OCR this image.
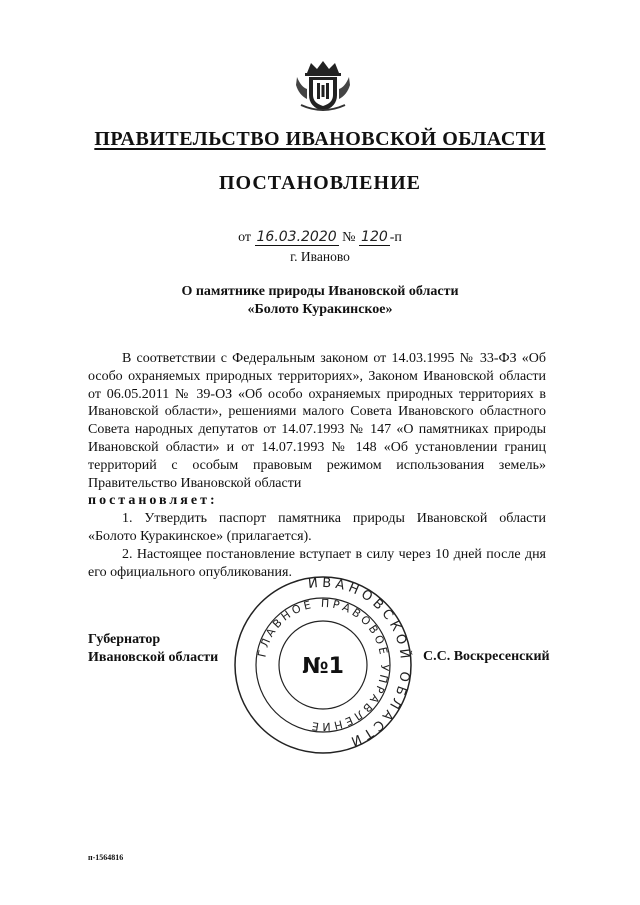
ПРАВИТЕЛЬСТВО ИВАНОВСКОЙ ОБЛАСТИ
ПОСТАНОВЛЕНИЕ
от 16.03.2020 № 120 -п
г. Иваново
О памятнике природы Ивановской области
«Болото Куракинское»

В соответствии с Федеральным законом от 14.03.1995 № 33-ФЗ «Об особо охраняемых природных территориях», Законом Ивановской области от 06.05.2011 № 39-ОЗ «Об особо охраняемых природных территориях в Ивановской области», решениями малого Совета Ивановского областного Совета народных депутатов от 14.07.1993 № 147 «О памятниках природы Ивановской области» и от 14.07.1993 № 148 «Об установлении границ территорий с особым правовым режимом использования земель» Правительство Ивановской области

постановляет:

1. Утвердить паспорт памятника природы Ивановской области «Болото Куракинское» (прилагается).

2. Настоящее постановление вступает в силу через 10 дней после дня его официального опубликования.

ИВАНОВСКОЙ ОБЛАСТИ
ГЛАВНОЕ ПРАВОВОЕ УПРАВЛЕНИЕ
№1
Губернатор
Ивановской области	С.С. Воскресенский
п-1564816
